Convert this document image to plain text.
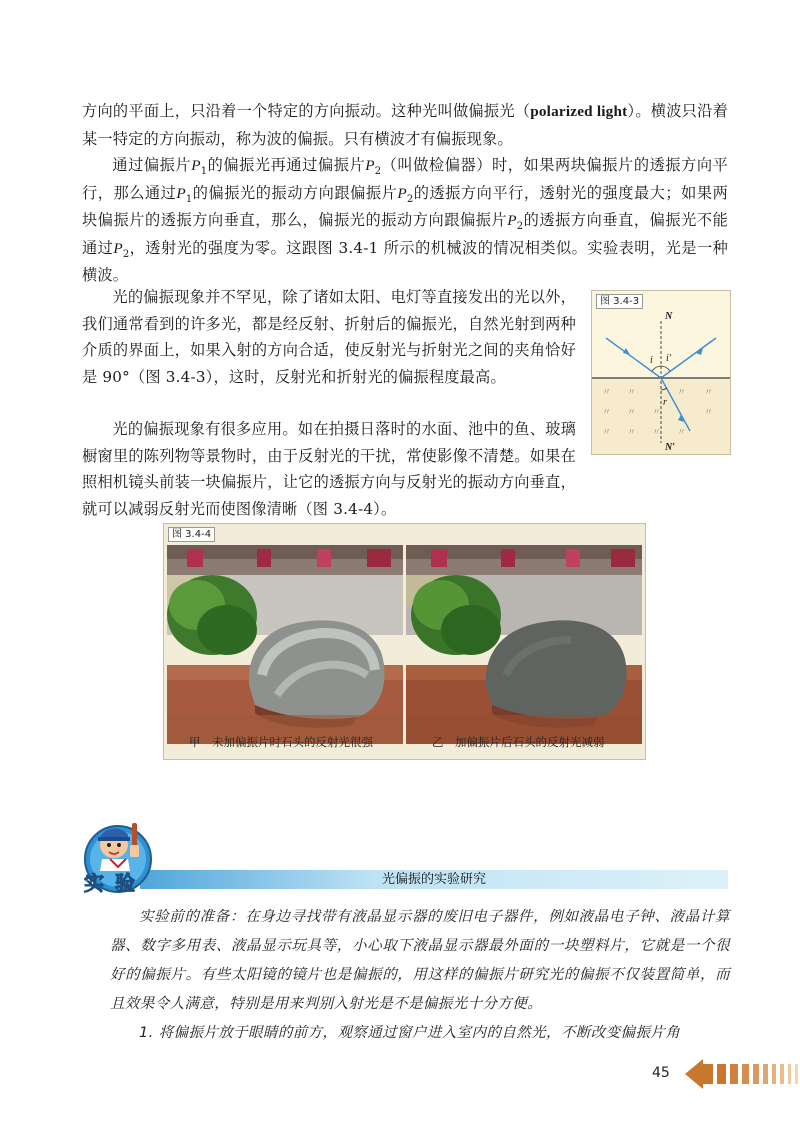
方向的平面上，只沿着一个特定的方向振动。这种光叫做偏振光（polarized light）。横波只沿着某一特定的方向振动，称为波的偏振。只有横波才有偏振现象。

通过偏振片$P_1$的偏振光再通过偏振片$P_2$（叫做检偏器）时，如果两块偏振片的透振方向平行，那么通过$P_1$的偏振光的振动方向跟偏振片$P_2$的透振方向平行，透射光的强度最大；如果两块偏振片的透振方向垂直，那么，偏振光的振动方向跟偏振片$P_2$的透振方向垂直，偏振光不能通过$P_2$，透射光的强度为零。这跟图 3.4-1 所示的机械波的情况相类似。实验表明，光是一种横波。

光的偏振现象并不罕见，除了诸如太阳、电灯等直接发出的光以外，我们通常看到的许多光，都是经反射、折射后的偏振光，自然光射到两种介质的界面上，如果入射的方向合适，使反射光与折射光之间的夹角恰好是 90°（图 3.4-3），这时，反射光和折射光的偏振程度最高。

光的偏振现象有很多应用。如在拍摄日落时的水面、池中的鱼、玻璃橱窗里的陈列物等景物时，由于反射光的干扰，常使影像不清楚。如果在照相机镜头前装一块偏振片，让它的透振方向与反射光的振动方向垂直，就可以减弱反射光而使图像清晰（图 3.4-4）。

图 3.4-3
〃 〃	〃 〃
〃 〃 〃	〃
〃 〃 〃 〃
N
N′
i i′
r
图 3.4-4
甲　未加偏振片时石头的反射光很强	乙　加偏振片后石头的反射光减弱
光偏振的实验研究
实 验

实验前的准备：在身边寻找带有液晶显示器的废旧电子器件，例如液晶电子钟、液晶计算器、数字多用表、液晶显示玩具等，小心取下液晶显示器最外面的一块塑料片，它就是一个很好的偏振片。有些太阳镜的镜片也是偏振的，用这样的偏振片研究光的偏振不仅装置简单，而且效果令人满意，特别是用来判别入射光是不是偏振光十分方便。

1. 将偏振片放于眼睛的前方，观察通过窗户进入室内的自然光，不断改变偏振片角

45
